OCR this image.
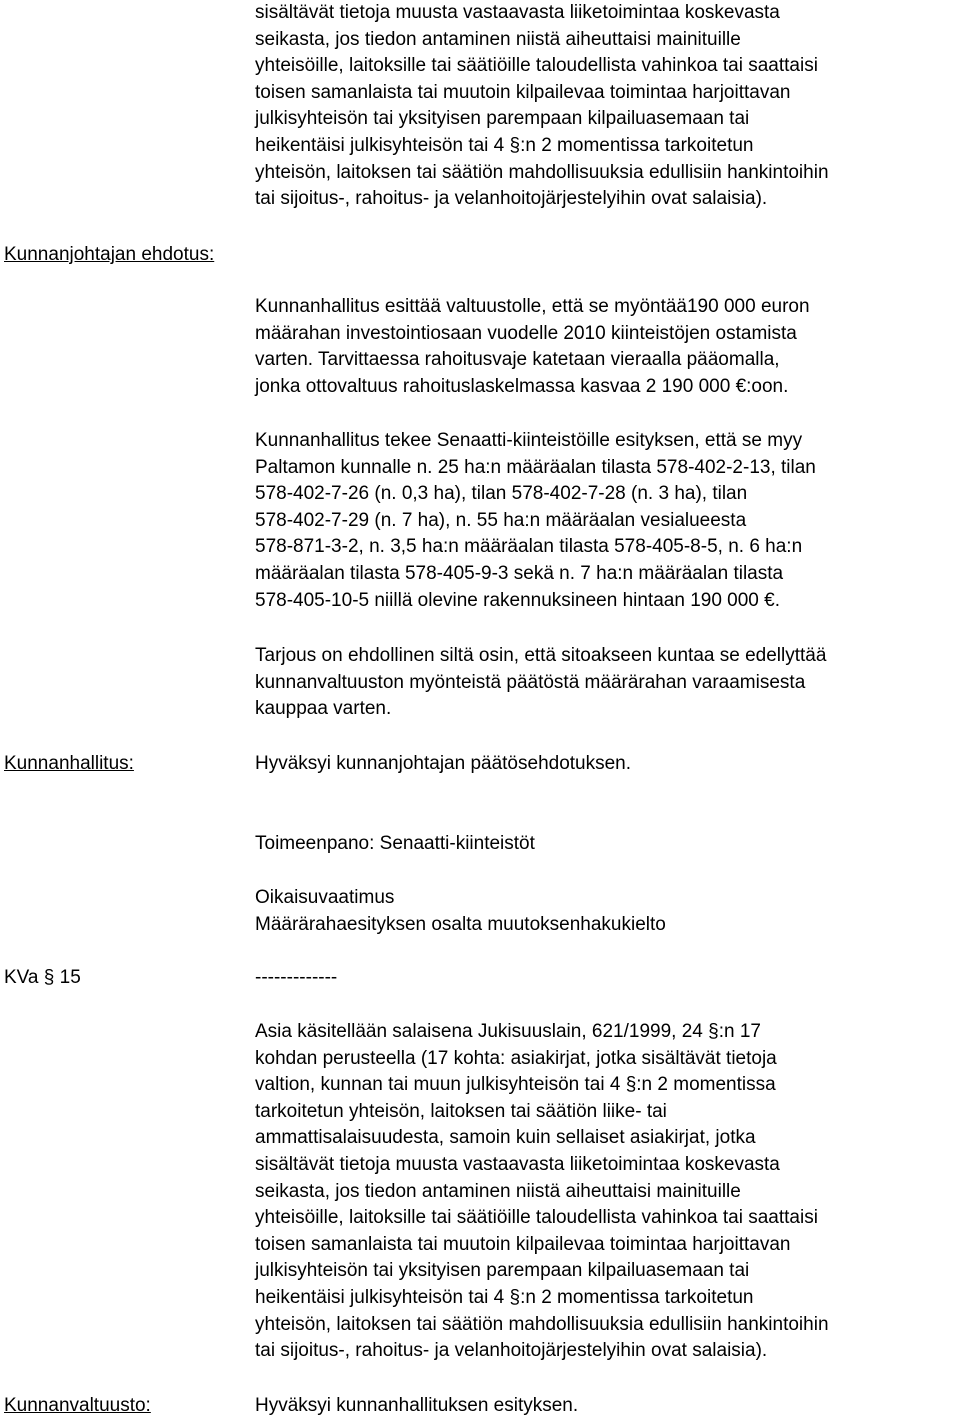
sisältävät tietoja muusta vastaavasta liiketoimintaa koskevasta
seikasta, jos tiedon antaminen niistä aiheuttaisi mainituille
yhteisöille, laitoksille tai säätiöille taloudellista vahinkoa tai saattaisi
toisen samanlaista tai muutoin kilpailevaa toimintaa harjoittavan
julkisyhteisön tai yksityisen parempaan kilpailuasemaan tai
heikentäisi julkisyhteisön tai 4 §:n 2 momentissa tarkoitetun
yhteisön, laitoksen tai säätiön mahdollisuuksia edullisiin hankintoihin
tai sijoitus-, rahoitus- ja velanhoitojärjestelyihin ovat salaisia).
Kunnanjohtajan ehdotus:
Kunnanhallitus esittää valtuustolle, että se myöntää190 000 euron
määrahan investointiosaan vuodelle 2010 kiinteistöjen ostamista
varten. Tarvittaessa rahoitusvaje katetaan vieraalla pääomalla,
jonka ottovaltuus rahoituslaskelmassa kasvaa 2 190 000 €:oon.
Kunnanhallitus tekee Senaatti-kiinteistöille esityksen, että se myy
Paltamon kunnalle n. 25 ha:n määräalan tilasta 578-402-2-13, tilan
578-402-7-26 (n. 0,3 ha), tilan 578-402-7-28 (n. 3 ha), tilan
578-402-7-29 (n. 7 ha), n. 55 ha:n määräalan vesialueesta
578-871-3-2, n. 3,5 ha:n määräalan tilasta 578-405-8-5, n. 6 ha:n
määräalan tilasta 578-405-9-3 sekä n. 7 ha:n määräalan tilasta
578-405-10-5 niillä olevine rakennuksineen hintaan 190 000 €.
Tarjous on ehdollinen siltä osin, että sitoakseen kuntaa se edellyttää
kunnanvaltuuston myönteistä päätöstä määrärahan varaamisesta
kauppaa varten.
Kunnanhallitus:	Hyväksyi kunnanjohtajan päätösehdotuksen.
Toimeenpano: Senaatti-kiinteistöt
Oikaisuvaatimus
Määrärahaesityksen osalta muutoksenhakukielto
KVa § 15	-------------
Asia käsitellään salaisena Jukisuuslain, 621/1999, 24 §:n 17
kohdan perusteella (17 kohta: asiakirjat, jotka sisältävät tietoja
valtion, kunnan tai muun julkisyhteisön tai 4 §:n 2 momentissa
tarkoitetun yhteisön, laitoksen tai säätiön liike- tai
ammattisalaisuudesta, samoin kuin sellaiset asiakirjat, jotka
sisältävät tietoja muusta vastaavasta liiketoimintaa koskevasta
seikasta, jos tiedon antaminen niistä aiheuttaisi mainituille
yhteisöille, laitoksille tai säätiöille taloudellista vahinkoa tai saattaisi
toisen samanlaista tai muutoin kilpailevaa toimintaa harjoittavan
julkisyhteisön tai yksityisen parempaan kilpailuasemaan tai
heikentäisi julkisyhteisön tai 4 §:n 2 momentissa tarkoitetun
yhteisön, laitoksen tai säätiön mahdollisuuksia edullisiin hankintoihin
tai sijoitus-, rahoitus- ja velanhoitojärjestelyihin ovat salaisia).
Kunnanvaltuusto:	Hyväksyi kunnanhallituksen esityksen.
